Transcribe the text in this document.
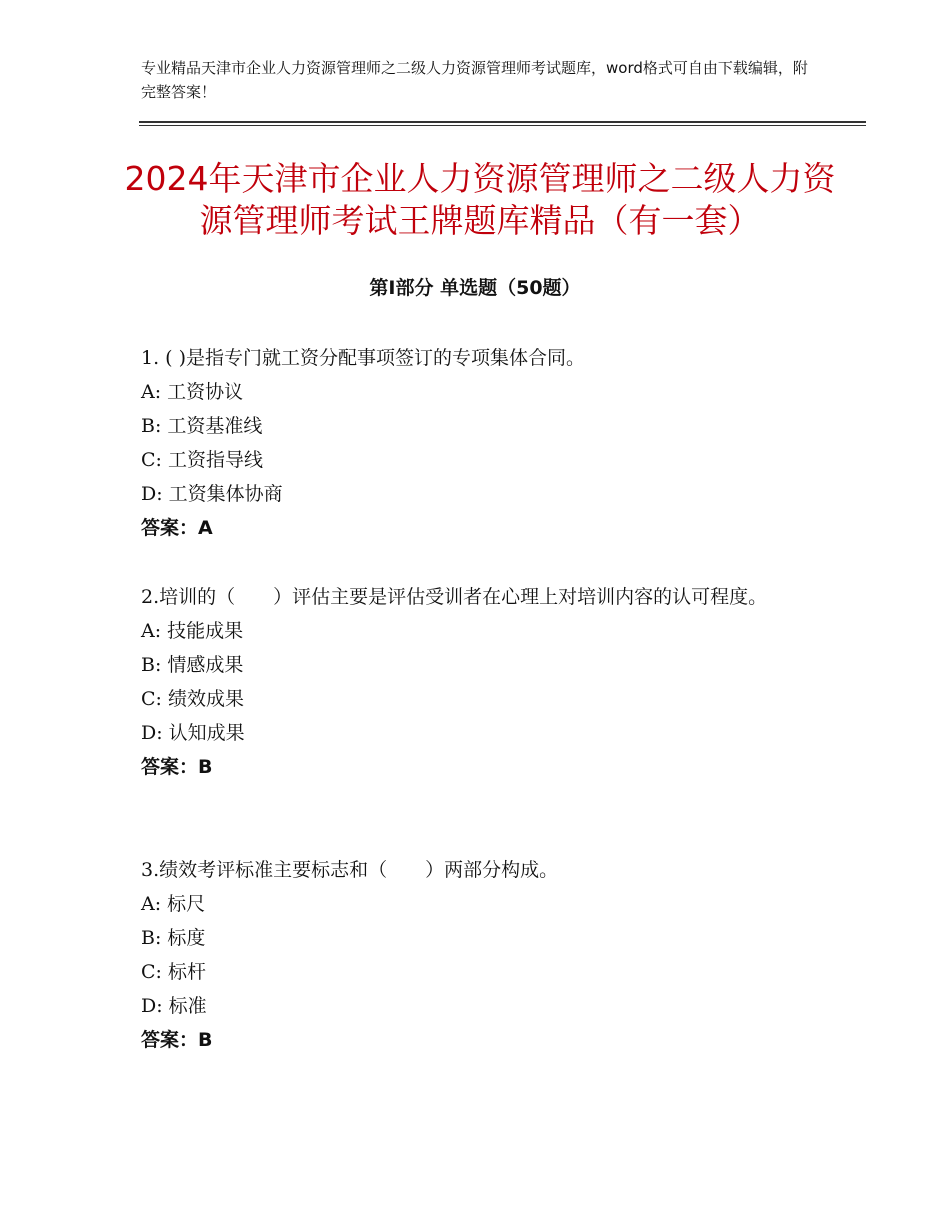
专业精品天津市企业人力资源管理师之二级人力资源管理师考试题库，word格式可自由下载编辑，附完整答案！
2024年天津市企业人力资源管理师之二级人力资源管理师考试王牌题库精品（有一套）
第Ⅰ部分 单选题（50题）

1. ( )是指专门就工资分配事项签订的专项集体合同。

A: 工资协议

B: 工资基准线

C: 工资指导线

D: 工资集体协商

答案：A

2.培训的（　　）评估主要是评估受训者在心理上对培训内容的认可程度。

A: 技能成果

B: 情感成果

C: 绩效成果

D: 认知成果

答案：B

3.绩效考评标准主要标志和（　　）两部分构成。

A: 标尺

B: 标度

C: 标杆

D: 标准

答案：B
